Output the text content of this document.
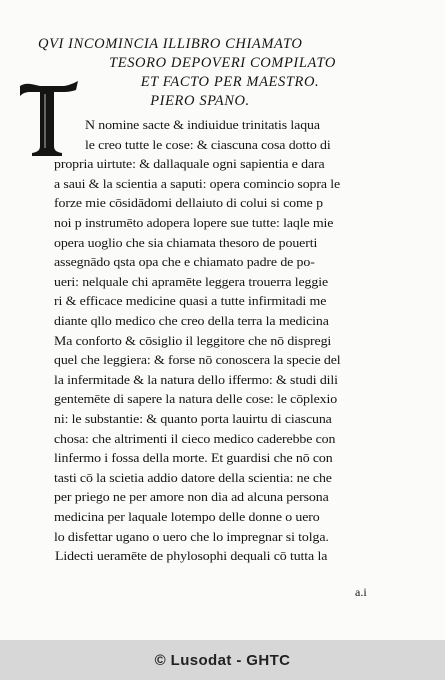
QVI INCOMINCIA ILLIBRO CHIAMATO
TESORO DEPOVERI COMPILATO
ET FACTO PER MAESTRO.
PIERO SPANO.
N nomine sacte & indiuidue trinitatis laqua
le creo tutte le cose: & ciascuna cosa dotto di
propria uirtute: & dallaquale ogni sapientia e dara
a saui & la scientia a saputi: opera comincio sopra le
forze mie cōsidādomi dellaiuto di colui si come p
noi p instrumēto adopera lopere sue tutte: laqle mie
opera uoglio che sia chiamata thesoro de pouerti
assegnādo qsta opa che e chiamato padre de po-
ueri: nelquale chi apramēte leggera trouerra leggie
ri & efficace medicine quasi a tutte infirmitadi me
diante qllo medico che creo della terra la medicina
Ma conforto & cōsiglio il leggitore che nō dispregi
quel che leggiera: & forse nō conoscera la specie del
la infermitade & la natura dello iffermo: & studi dili
gentemēte di sapere la natura delle cose: le cōplexio
ni: le substantie: & quanto porta lauirtu di ciascuna
chosa: che altrimenti il cieco medico caderebbe con
linfermo i fossa della morte. Et guardisi che nō con
tasti cō la scietia addio datore della scientia: ne che
per priego ne per amore non dia ad alcuna persona
medicina per laquale lotempo delle donne o uero
lo disfettar ugano o uero che lo impregnar si tolga.
Lidecti ueramēte de phylosophi dequali cō tutta la
a.i
© Lusodat - GHTC
